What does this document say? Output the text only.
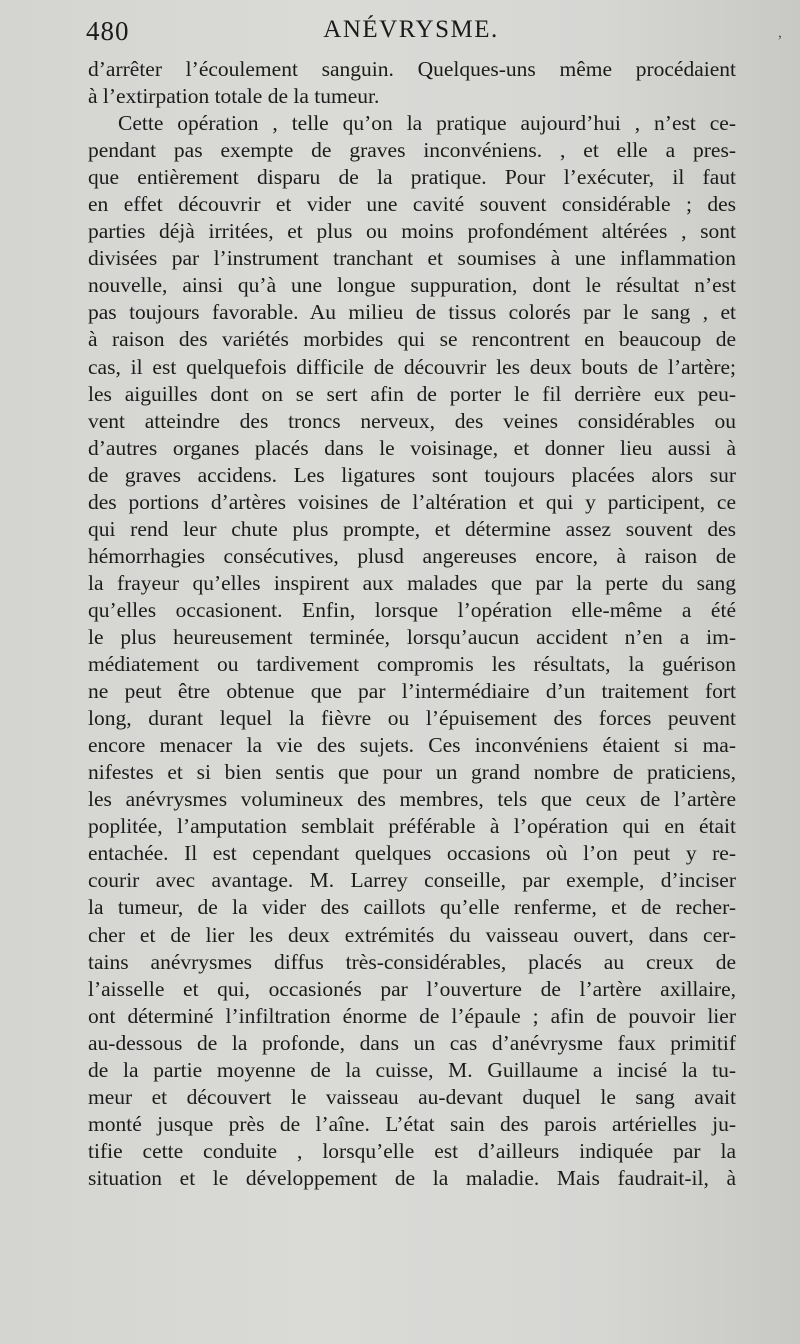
480	ANÉVRYSME.	,
d’arrêter l’écoulement sanguin. Quelques-uns même procédaient
à l’extirpation totale de la tumeur.
Cette opération , telle qu’on la pratique aujourd’hui , n’est ce-
pendant pas exempte de graves inconvéniens. , et elle a pres-
que entièrement disparu de la pratique. Pour l’exécuter, il faut
en effet découvrir et vider une cavité souvent considérable ; des
parties déjà irritées, et plus ou moins profondément altérées , sont
divisées par l’instrument tranchant et soumises à une inflammation
nouvelle, ainsi qu’à une longue suppuration, dont le résultat n’est
pas toujours favorable. Au milieu de tissus colorés par le sang , et
à raison des variétés morbides qui se rencontrent en beaucoup de
cas, il est quelquefois difficile de découvrir les deux bouts de l’artère;
les aiguilles dont on se sert afin de porter le fil derrière eux peu-
vent atteindre des troncs nerveux, des veines considérables ou
d’autres organes placés dans le voisinage, et donner lieu aussi à
de graves accidens. Les ligatures sont toujours placées alors sur
des portions d’artères voisines de l’altération et qui y participent, ce
qui rend leur chute plus prompte, et détermine assez souvent des
hémorrhagies consécutives, plusd angereuses encore, à raison de
la frayeur qu’elles inspirent aux malades que par la perte du sang
qu’elles occasionent. Enfin, lorsque l’opération elle-même a été
le plus heureusement terminée, lorsqu’aucun accident n’en a im-
médiatement ou tardivement compromis les résultats, la guérison
ne peut être obtenue que par l’intermédiaire d’un traitement fort
long, durant lequel la fièvre ou l’épuisement des forces peuvent
encore menacer la vie des sujets. Ces inconvéniens étaient si ma-
nifestes et si bien sentis que pour un grand nombre de praticiens,
les anévrysmes volumineux des membres, tels que ceux de l’artère
poplitée, l’amputation semblait préférable à l’opération qui en était
entachée. Il est cependant quelques occasions où l’on peut y re-
courir avec avantage. M. Larrey conseille, par exemple, d’inciser
la tumeur, de la vider des caillots qu’elle renferme, et de recher-
cher et de lier les deux extrémités du vaisseau ouvert, dans cer-
tains anévrysmes diffus très-considérables, placés au creux de
l’aisselle et qui, occasionés par l’ouverture de l’artère axillaire,
ont déterminé l’infiltration énorme de l’épaule ; afin de pouvoir lier
au-dessous de la profonde, dans un cas d’anévrysme faux primitif
de la partie moyenne de la cuisse, M. Guillaume a incisé la tu-
meur et découvert le vaisseau au-devant duquel le sang avait
monté jusque près de l’aîne. L’état sain des parois artérielles ju-
tifie cette conduite , lorsqu’elle est d’ailleurs indiquée par la
situation et le développement de la maladie. Mais faudrait-il, à
